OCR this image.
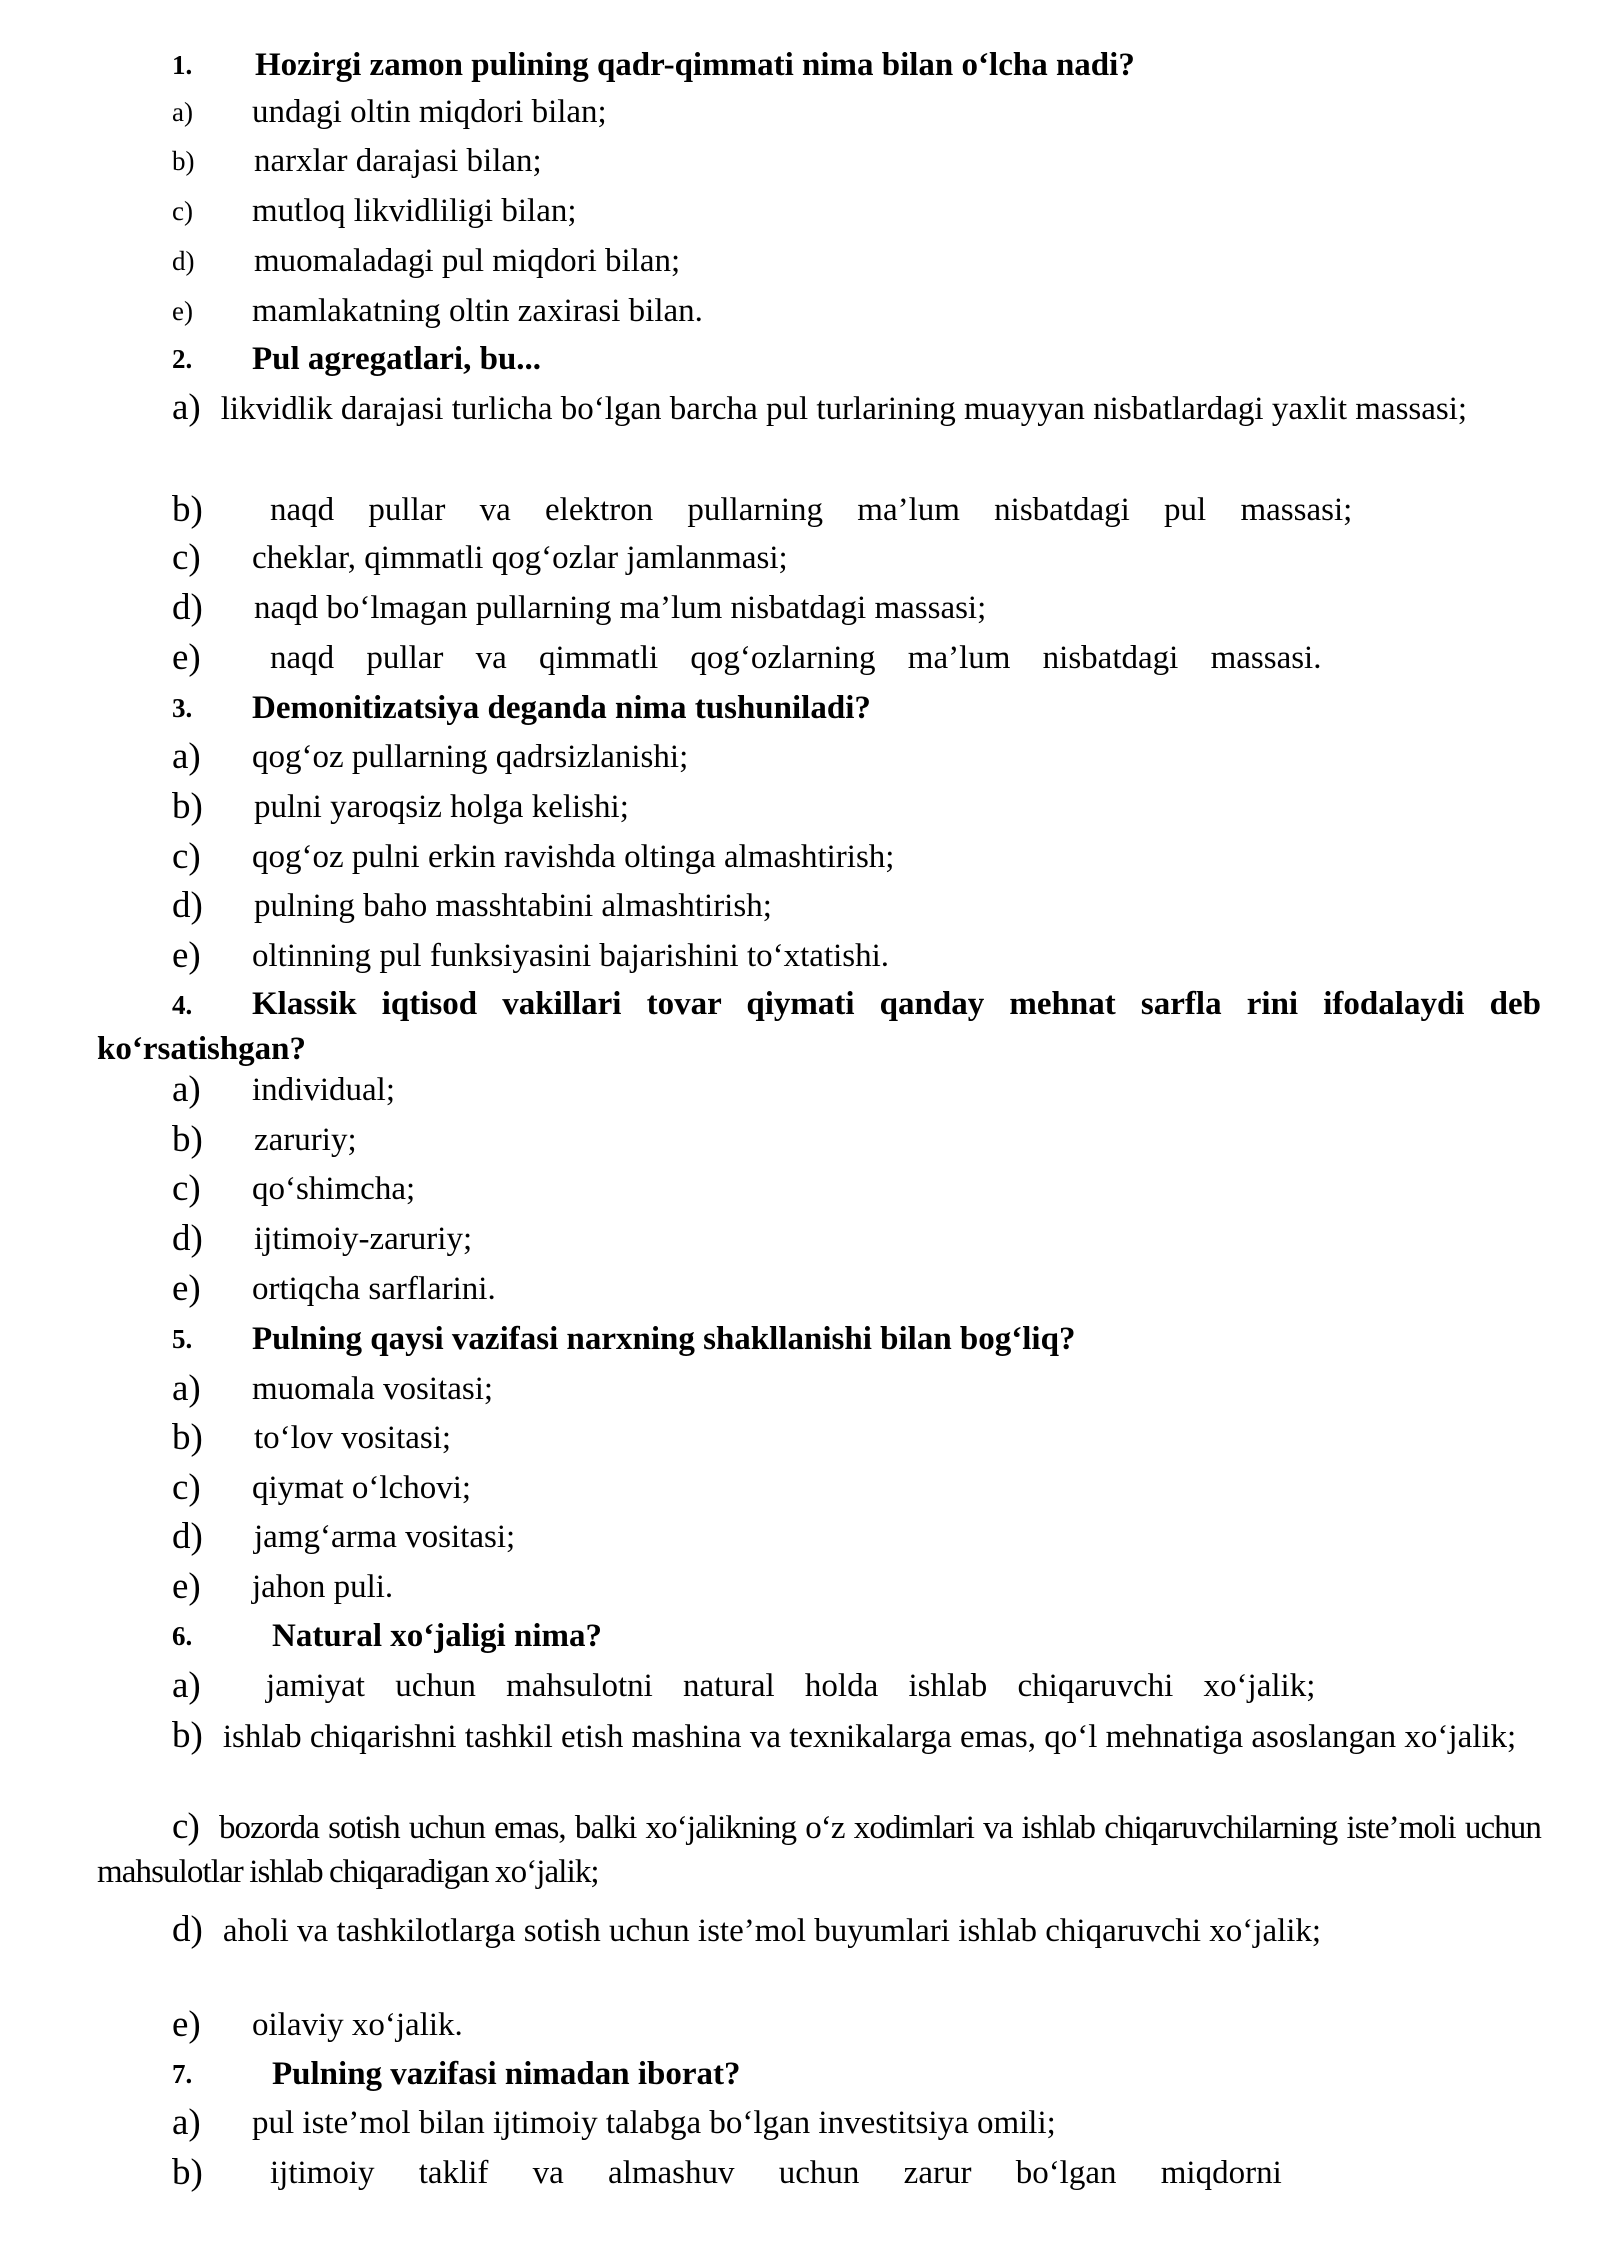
1. Hozirgi zamon pulining qadr-qimmati nima bilan o‘lcha nadi?
a) undagi oltin miqdori bilan;
b) narxlar darajasi bilan;
c) mutloq likvidliligi bilan;
d) muomaladagi pul miqdori bilan;
e) mamlakatning oltin zaxirasi bilan.
2. Pul agregatlari, bu...
a) likvidlik darajasi turlicha bo‘lgan barcha pul turlarining muayyan nisbatlardagi yaxlit massasi;
b) naqd pullar va elektron pullarning ma’lum nisbatdagi pul massasi;
c) cheklar, qimmatli qog‘ozlar jamlanmasi;
d) naqd bo‘lmagan pullarning ma’lum nisbatdagi massasi;
e) naqd pullar va qimmatli qog‘ozlarning ma’lum nisbatdagi massasi.
3. Demonitizatsiya deganda nima tushuniladi?
a) qog‘oz pullarning qadrsizlanishi;
b) pulni yaroqsiz holga kelishi;
c) qog‘oz pulni erkin ravishda oltinga almashtirish;
d) pulning baho masshtabini almashtirish;
e) oltinning pul funksiyasini bajarishini to‘xtatishi.
4. Klassik iqtisod vakillari tovar qiymati qanday mehnat sarfla rini ifodalaydi deb ko‘rsatishgan?
a) individual;
b) zaruriy;
c) qo‘shimcha;
d) ijtimoiy-zaruriy;
e) ortiqcha sarflarini.
5. Pulning qaysi vazifasi narxning shakllanishi bilan bog‘liq?
a) muomala vositasi;
b) to‘lov vositasi;
c) qiymat o‘lchovi;
d) jamg‘arma vositasi;
e) jahon puli.
6. Natural xo‘jaligi nima?
a) jamiyat uchun mahsulotni natural holda ishlab chiqaruvchi xo‘jalik;
b) ishlab chiqarishni tashkil etish mashina va texnikalarga emas, qo‘l mehnatiga asoslangan xo‘jalik;
c) bozorda sotish uchun emas, balki xo‘jalikning o‘z xodimlari va ishlab chiqaruvchilarning iste’moli uchun mahsulotlar ishlab chiqaradigan xo‘jalik;
d) aholi va tashkilotlarga sotish uchun iste’mol buyumlari ishlab chiqaruvchi xo‘jalik;
e) oilaviy xo‘jalik.
7. Pulning vazifasi nimadan iborat?
a) pul iste’mol bilan ijtimoiy talabga bo‘lgan investitsiya omili;
b) ijtimoiy taklif va almashuv uchun zarur bo‘lgan miqdorni
